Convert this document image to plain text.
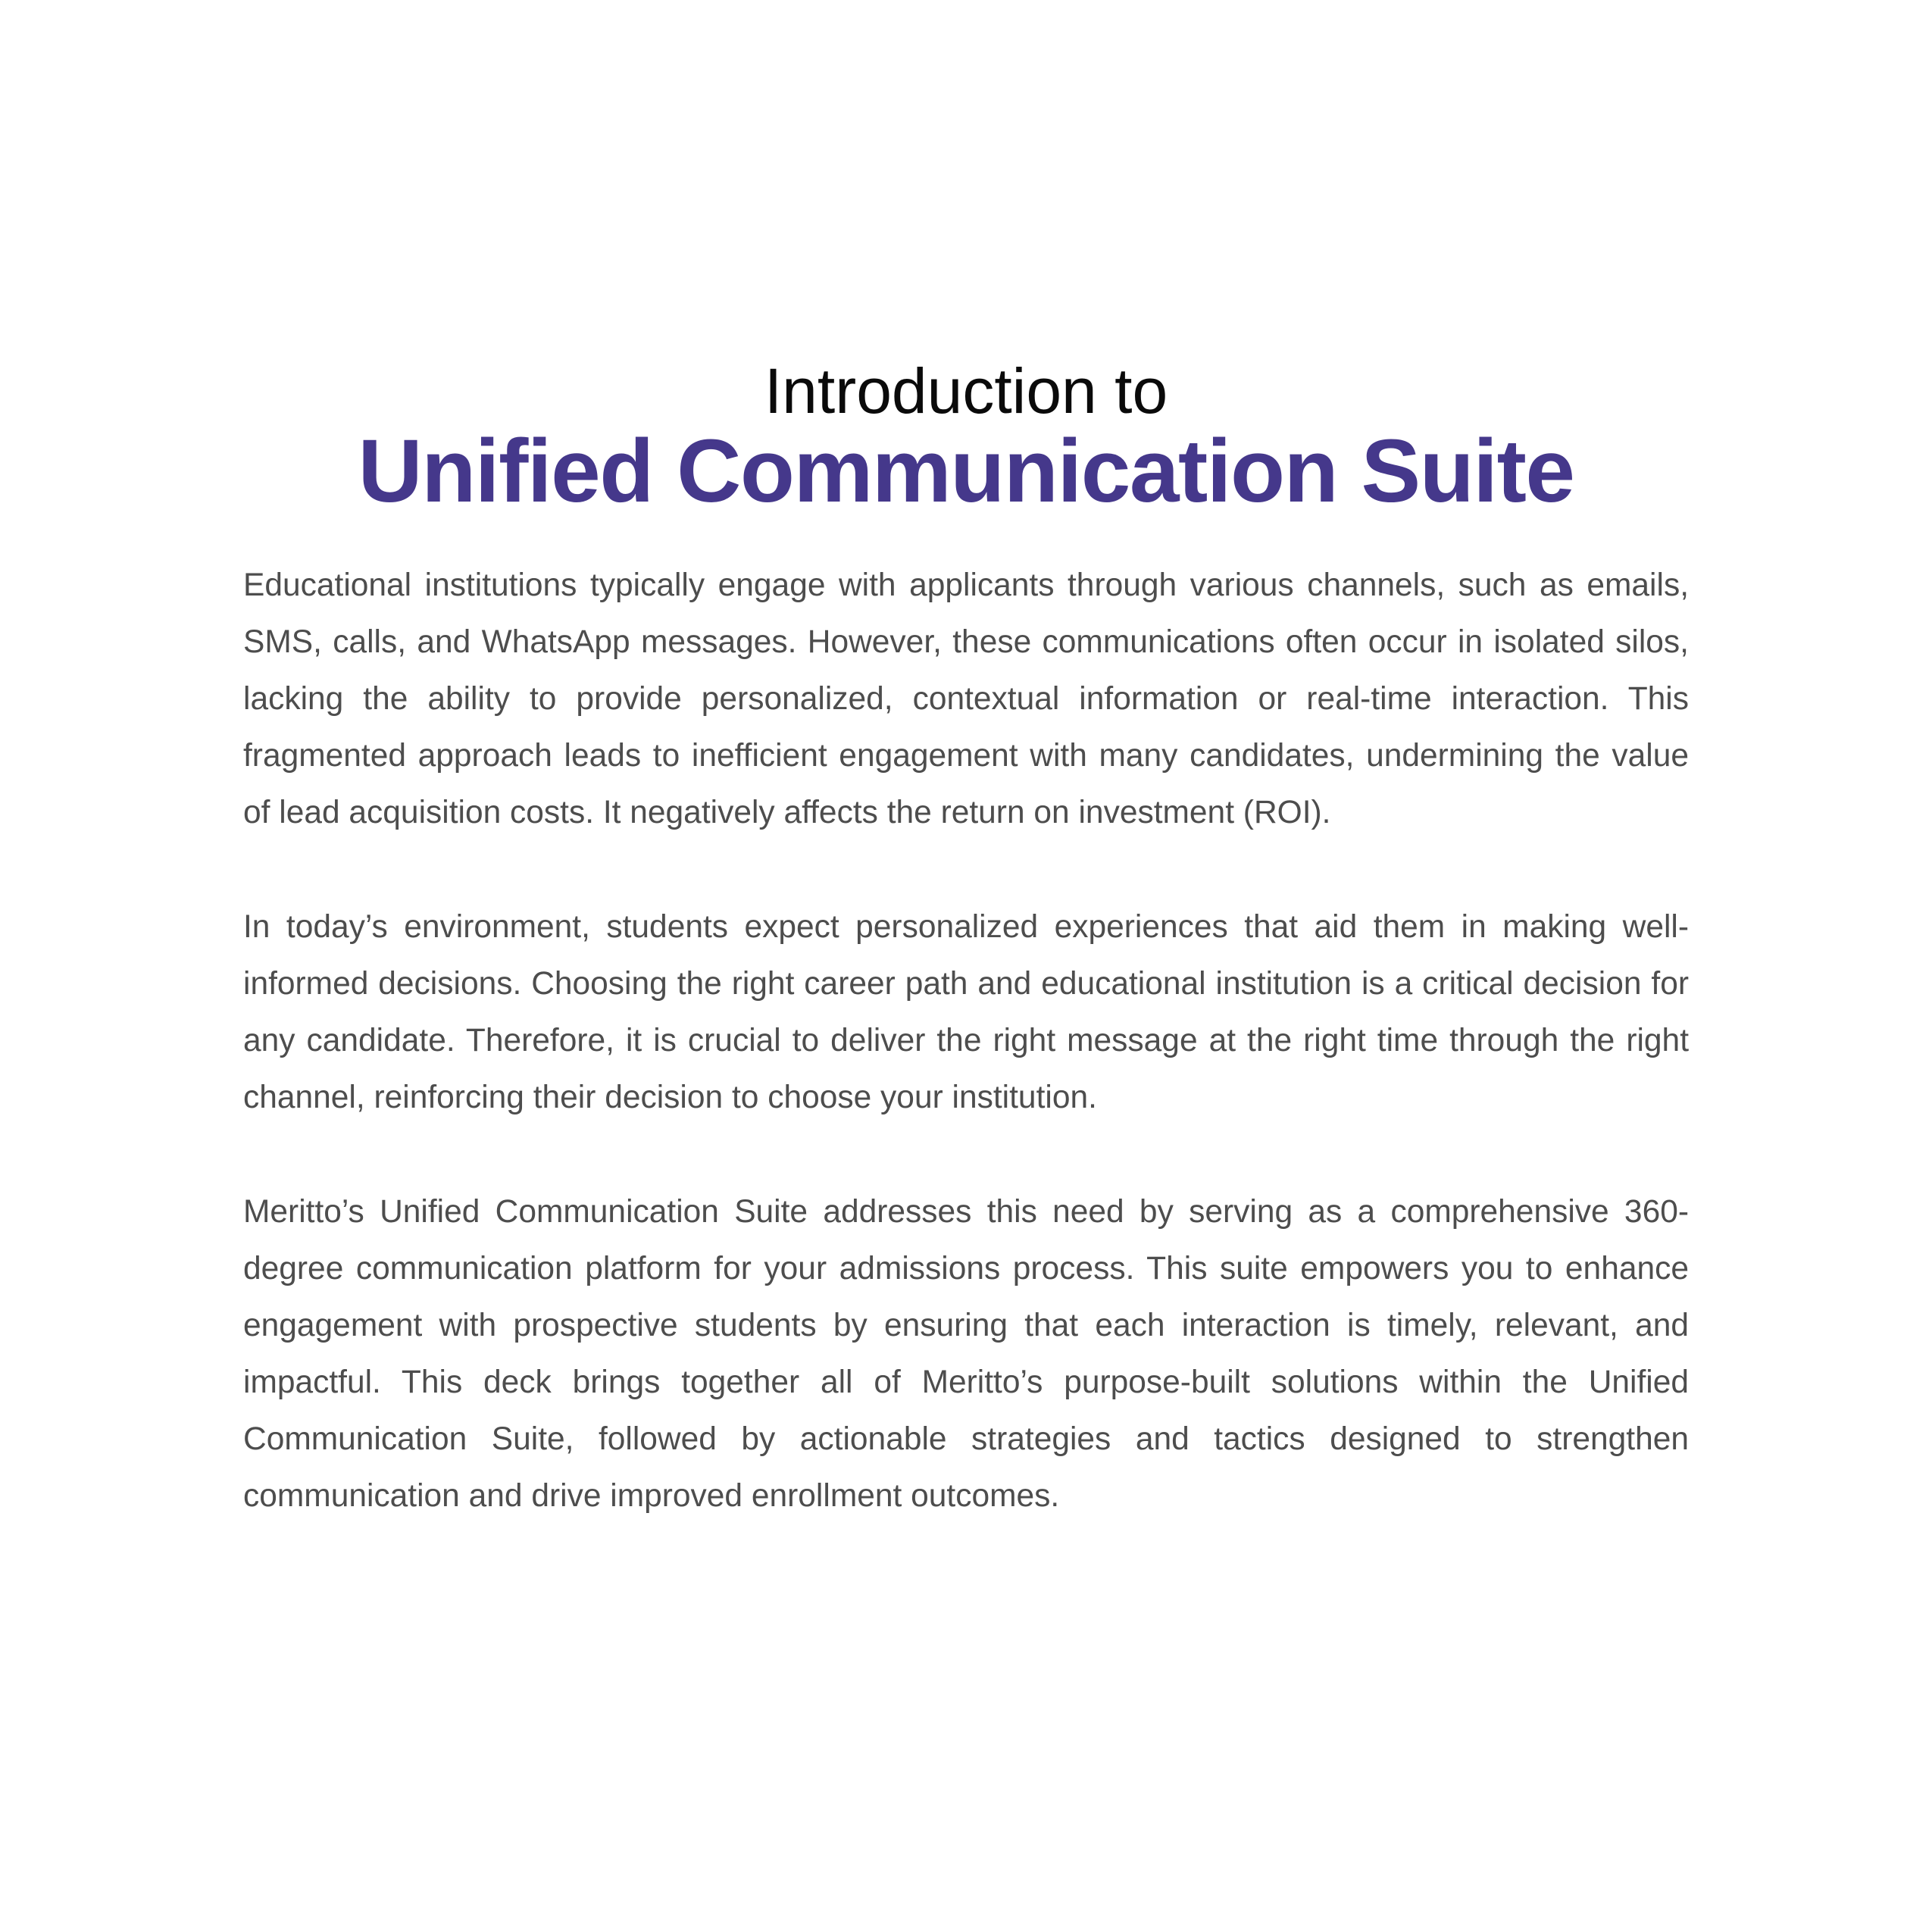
Introduction to
Unified Communication Suite

Educational institutions typically engage with applicants through various channels, such as emails, SMS, calls, and WhatsApp messages. However, these communications often occur in isolated silos, lacking the ability to provide personalized, contextual information or real-time interaction. This fragmented approach leads to inefficient engagement with many candidates, undermining the value of lead acquisition costs. It negatively affects the return on investment (ROI).

In today’s environment, students expect personalized experiences that aid them in making well-informed decisions. Choosing the right career path and educational institution is a critical decision for any candidate. Therefore, it is crucial to deliver the right message at the right time through the right channel, reinforcing their decision to choose your institution.

Meritto’s Unified Communication Suite addresses this need by serving as a comprehensive 360-degree communication platform for your admissions process. This suite empowers you to enhance engagement with prospective students by ensuring that each interaction is timely, relevant, and impactful. This deck brings together all of Meritto’s purpose-built solutions within the Unified Communication Suite, followed by actionable strategies and tactics designed to strengthen communication and drive improved enrollment outcomes.
